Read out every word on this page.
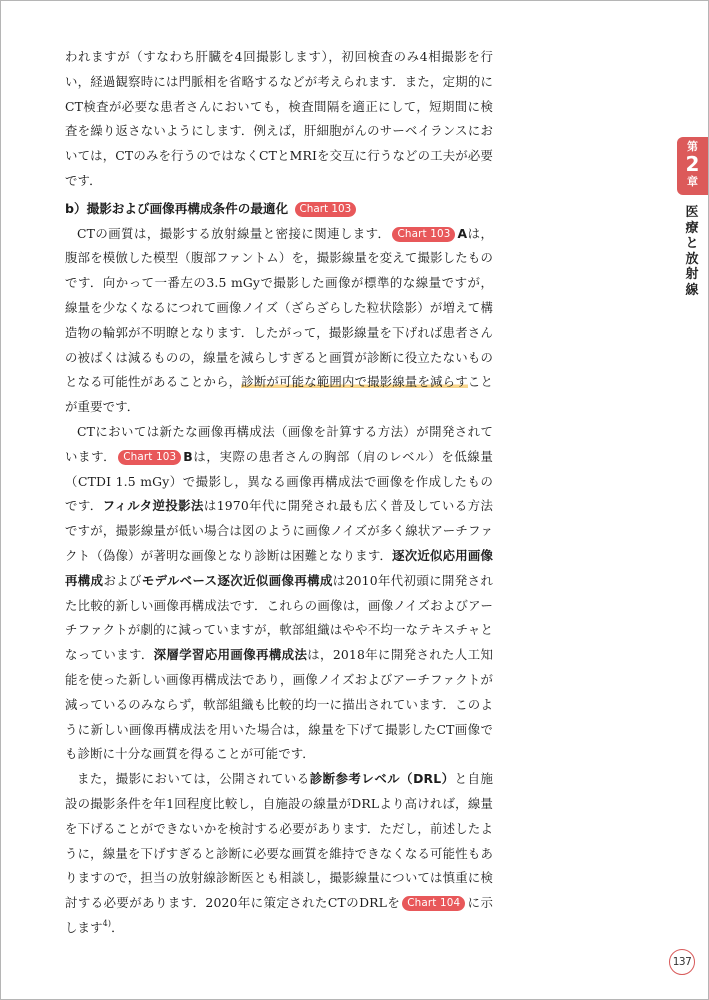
われますが（すなわち肝臓を4回撮影します），初回検査のみ4相撮影を行い，経過観察時には門脈相を省略するなどが考えられます．また，定期的にCT検査が必要な患者さんにおいても，検査間隔を適正にして，短期間に検査を繰り返さないようにします．例えば，肝細胞がんのサーベイランスにおいては，CTのみを行うのではなくCTとMRIを交互に行うなどの工夫が必要です．

b）撮影および画像再構成条件の最適化 Chart 103

CTの画質は，撮影する放射線量と密接に関連します． Chart 103 Aは，腹部を模倣した模型（腹部ファントム）を，撮影線量を変えて撮影したものです．向かって一番左の3.5 mGyで撮影した画像が標準的な線量ですが，線量を少なくなるにつれて画像ノイズ（ざらざらした粒状陰影）が増えて構造物の輪郭が不明瞭となります．したがって，撮影線量を下げれば患者さんの被ばくは減るものの，線量を減らしすぎると画質が診断に役立たないものとなる可能性があることから，診断が可能な範囲内で撮影線量を減らすことが重要です．

CTにおいては新たな画像再構成法（画像を計算する方法）が開発されています． Chart 103 Bは，実際の患者さんの胸部（肩のレベル）を低線量（CTDI 1.5 mGy）で撮影し，異なる画像再構成法で画像を作成したものです．フィルタ逆投影法は1970年代に開発され最も広く普及している方法ですが，撮影線量が低い場合は図のように画像ノイズが多く線状アーチファクト（偽像）が著明な画像となり診断は困難となります．逐次近似応用画像再構成およびモデルベース逐次近似画像再構成は2010年代初頭に開発された比較的新しい画像再構成法です．これらの画像は，画像ノイズおよびアーチファクトが劇的に減っていますが，軟部組織はやや不均一なテキスチャとなっています．深層学習応用画像再構成法は，2018年に開発された人工知能を使った新しい画像再構成法であり，画像ノイズおよびアーチファクトが減っているのみならず，軟部組織も比較的均一に描出されています．このように新しい画像再構成法を用いた場合は，線量を下げて撮影したCT画像でも診断に十分な画質を得ることが可能です．

また，撮影においては，公開されている診断参考レベル（DRL）と自施設の撮影条件を年1回程度比較し，自施設の線量がDRLより高ければ，線量を下げることができないかを検討する必要があります．ただし，前述したように，線量を下げすぎると診断に必要な画質を維持できなくなる可能性もありますので，担当の放射線診断医とも相談し，撮影線量については慎重に検討する必要があります．2020年に策定されたCTのDRLを Chart 104 に示します$^{4)}$．

第
2
章
医療と放射線
137
